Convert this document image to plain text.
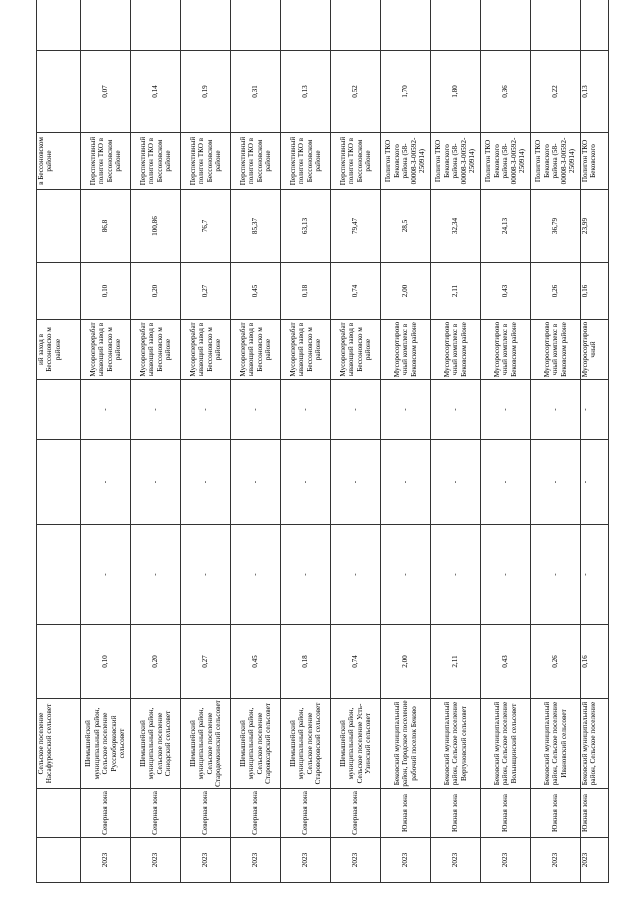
		Сельское поселение Насафуровский сельсовет					ий заход в Бессоновско м районе			в Бессоновском районе		

2023	Северная зона	Шемышейский муниципальный район, Сельское поселение Русскоборковский сельсовет	0,10	-	-	-	Мусороперерабатывающий завод в Бессоновско м районе	0,10	86,8	Перспективный полигон ТКО в Бессоновском районе	0,07

2023	Северная зона	Шемышейский муниципальный район, Сельское поселение Синодский сельсовет	0,20	-	-	-	Мусороперерабатывающий завод в Бессоновско м районе	0,20	100,86	Перспективный полигон ТКО в Бессоновском районе	0,14

2023	Северная зона	Шемышейский муниципальный район, Сельское поселение Стародемкинский сельсовет	0,27	-	-	-	Мусороперерабатывающий завод в Бессоновско м районе	0,27	76,7	Перспективный полигон ТКО в Бессоновском районе	0,19

2023	Северная зона	Шемышейский муниципальный район, Сельское поселение Старояксарский сельсовет	0,45	-	-	-	Мусороперерабатывающий завод в Бессоновско м районе	0,45	85,37	Перспективный полигон ТКО в Бессоновском районе	0,31

2023	Северная зона	Шемышейский муниципальный район, Сельское поселение Староворовский сельсовет	0,18	-	-	-	Мусороперерабатывающий завод в Бессоновско м районе	0,18	63,13	Перспективный полигон ТКО в Бессоновском районе	0,13

2023	Северная зона	Шемышейский муниципальный район, Сельское поселение Усть-Узинский сельсовет	0,74	-	-	-	Мусороперерабатывающий завод в Бессоновско м районе	0,74	79,47	Перспективный полигон ТКО в Бессоновском районе	0,52

2023	Южная зона	Бековский муниципальный район, Городское поселение рабочий поселок Беково	2,00	-	-	-	Мусоросортировочный комплекс в Бековском районе	2,00	28,5	Полигон ТКО Бековского района (58-00008-З-00592-250914)	1,70

2023	Южная зона	Бековский муниципальный район, Сельское поселение Вертуновский сельсовет	2,11	-	-	-	Мусоросортировочный комплекс в Бековском районе	2,11	32,34	Полигон ТКО Бековского района (58-00008-З-00592-250914)	1,80

2023	Южная зона	Бековский муниципальный район, Сельское поселение Волынщинский сельсовет	0,43	-	-	-	Мусоросортировочный комплекс в Бековском районе	0,43	24,13	Полигон ТКО Бековского района (58-00008-З-00592-250914)	0,36

2023	Южная зона	Бековский муниципальный район, Сельское поселение Ивановский сельсовет	0,26	-	-	-	Мусоросортировочный комплекс в Бековском районе	0,26	36,79	Полигон ТКО Бековского района (58-00008-З-00592-250914)	0,22

2023	Южная зона	Бековский муниципальный район, Сельское поселение	0,16	-	-	-	Мусоросортировочный	0,16	23,99	Полигон ТКО Бековского	0,13
